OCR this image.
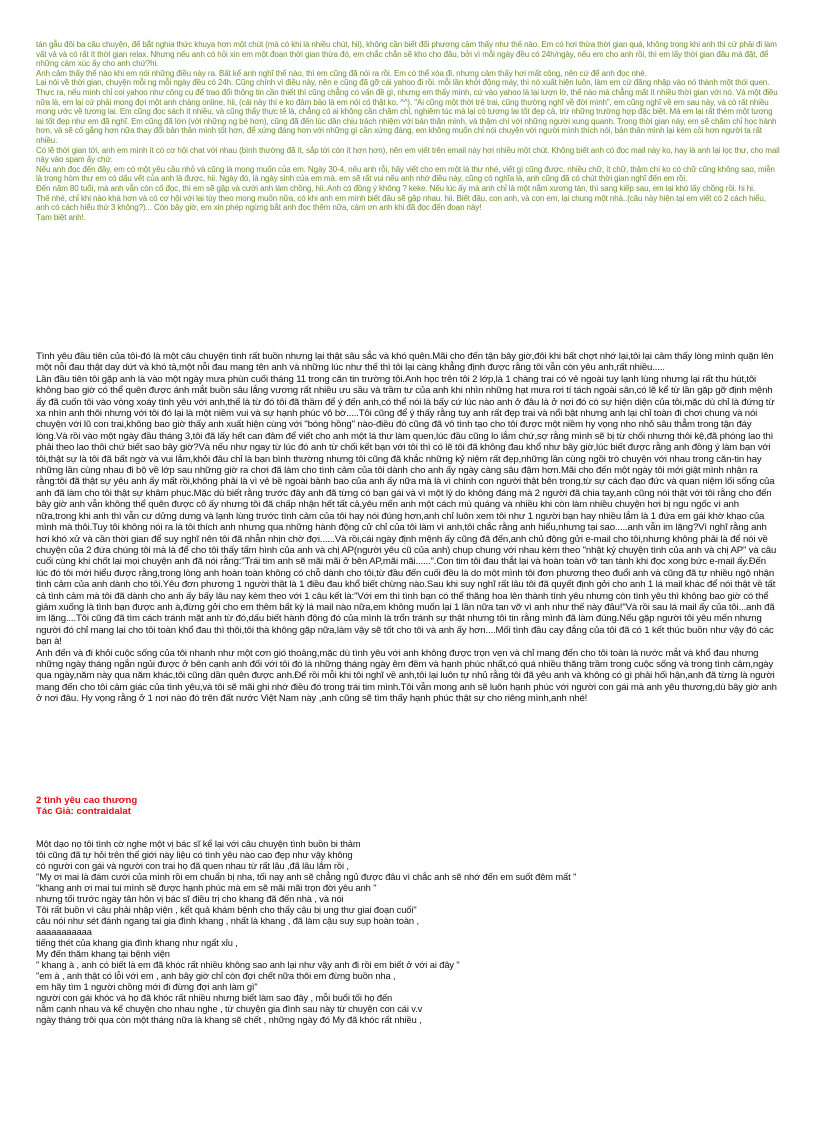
tán gẫu đôi ba câu chuyện, để bắt nghia thức khuya hơn một chút (mà có khi là nhiều chút, hii), không cần biết đối phương cảm thấy như thế nào. Em có hơi thừa thời gian quá, không trong khi anh thì cứ phải đi làm vất vả và có rất ít thời gian relax. Nhưng nếu anh có hỏi xin em một đoạn thời gian thừa đó, em chắc chắn sẽ kho cho đâu, bởi vì mỗi ngày đều có 24h/ngày, nếu em cho anh rồi, thì em lấy thời gian đâu mà đặt, để những cảm xúc ấy cho anh chứ?hi.

Anh cảm thấy thế nào khi em nói những điều này ra. Bất kể anh nghĩ thế nào, thì em cũng đã nói ra rồi. Em có thể xóa đi, nhưng cảm thấy hơi mất công, nên cứ để anh đọc nhé.

Lại nói về thời gian, chuyện mỗi ng mỗi ngày đều có 24h. Cũng chính vì điều này, nên e cũng đã gỡ cái yahoo đi rồi. mỗi lần khởi động máy, thì nó xuất hiện luôn, làm em cứ đăng nhập vào nó thành một thói quen. Thực ra, nếu mình chỉ coi yahoo như công cụ để trao đổi thông tin cần thiết thì cũng chẳng có vấn đề gì, nhưng em thấy mình, cứ vào yahoo là lại lượn lờ, thế nào mà chẳng mất ít nhiều thời gian với nó. Và một điều nữa là, em lại cứ phải mong đợi một anh chàng online, hii, (cái này thì e ko đảm bảo là em nói có thật ko, ^^). "Ai cũng một thời trẻ trai, cũng thường nghĩ về đời mình", em cũng nghĩ về em sau này, và có rất nhiều mong ước về tương lai. Em cũng đọc sách ít nhiều, và cũng thấy thực tế là, chẳng có ai không cần chăm chỉ, nghiêm túc mà lại có tương lai tốt đẹp cả, trừ những trường hợp đặc biệt. Mà em lại rất thèm một tương lai tốt đẹp như em đã nghĩ. Em cũng đã lớn (với những ng bé hơn), cũng đã đến lúc dần chịu trách nhiệm với bản thân mình, và thậm chí với những người xung quanh. Trong thời gian này, em sẽ chăm chỉ học hành hơn, và sẽ cố gắng hơn nữa thay đổi bản thân mình tốt hơn, để xứng đáng hơn với những gì cần xứng đáng, em không muốn chỉ nói chuyện với người mình thích nói, bản thân mình lại kém cỏi hơn người ta rất nhiều.

Có lẽ thời gian tới, anh em mình ít có cơ hội chat với nhau (bình thường đã ít, sắp tới còn ít hơn hơn), nên em viết trên email này hơi nhiều một chút. Không biết anh có đọc mail này ko, hay là anh lại lọc thư, cho mail này vào spam ấy chứ.

Nếu anh đọc đến đây, em có một yêu cầu nhỏ và cũng là mong muốn của em. Ngày 30-4, nếu anh rỗi, hãy viết cho em một lá thư nhé, viết gì cũng được, nhiều chữ, ít chữ, thậm chí ko có chữ cũng không sao, miễn là trong hòm thư em có dấu vết của anh là được, hii. Ngày đó, là ngày sinh của em mà. em sẽ rất vui nếu anh nhớ điều này, cũng có nghĩa là, anh cũng đã có chút thời gian nghĩ đến em rồi.

Đến năm 80 tuổi, mà anh vẫn còn cố đọc, thì em sẽ gặp và cưới anh làm chồng, hii. Anh có đồng ý không ? keke. Nếu lúc ấy mà anh chỉ là một nắm xương tàn, thì sang kiếp sau, em lại khó lấy chồng rồi. hi hi.

Thế nhé, chỉ khi nào khá hơn và có cơ hội với lại tùy theo mong muốn nữa, có khi anh em mình biết đâu sẽ gặp nhau. hii. Biết đâu, con anh, và con em, lại chung một nhà..(câu này hiện tại em viết có 2 cách hiểu, anh có cách hiểu thứ 3 không?)... Còn bây giờ, em xin phép ngừng bắt anh đọc thêm nữa, cảm ơn anh khi đã đọc đến đoạn này!

Tạm biệt anh!.

Tình yêu đầu tiên của tôi-đó là một câu chuyện tình rất buồn nhưng lại thật sâu sắc và khó quên.Mãi cho đến tận bây giờ,đôi khi bất chợt nhớ lại,tôi lại cảm thấy lòng mình quặn lên một nỗi đau thật day dứt và khó tả,một nỗi đau mang tên anh và những lúc như thế thì tôi lại càng khẳng định được rằng tôi vẫn còn yêu anh,rất nhiều.....

Lần đầu tiên tôi gặp anh là vào một ngày mưa phùn cuối tháng 11 trong căn tin trường tôi.Anh học trên tôi 2 lớp,là 1 chàng trai có vẻ ngoài tuy lạnh lùng nhưng lại rất thu hút,tôi không bao giờ có thể quên được ánh mắt buồn sâu lắng vương rất nhiều ưu sầu và trầm tư của anh khi nhìn những hạt mưa rơi tí tách ngoài sân,có lẽ kể từ lần gặp gỡ định mệnh ấy đã cuốn tôi vào vòng xoáy tình yêu với anh,thế là từ đó tôi đã thầm để ý đến anh,có thể nói là bấy cứ lúc nào anh ở đâu là ở nơi đó có sự hiện diện của tôi,mặc dù chỉ là đứng từ xa nhìn anh thôi nhưng với tôi đó lại là một niềm vui và sự hạnh phúc vô bờ.....Tôi cũng để ý thấy rằng tuy anh rất đẹp trai và nổi bật nhưng anh lại chỉ toàn đi chơi chung và nói chuyện với lũ con trai,không bao giờ thấy anh xuất hiện cùng với "bóng hồng" nào-điều đó cũng đã vô tình tạo cho tôi được một niềm hy vọng nho nhỏ sâu thẳm trong tận đáy lòng.Và rồi vào một ngày đầu tháng 3,tôi đã lấy hết can đảm để viết cho anh một lá thư làm quen,lúc đầu cũng lo lắm chứ,sợ rằng mình sẽ bị từ chối nhưng thôi kệ,đã phóng lao thì phải theo lao thôi chứ biết sao bây giờ?Và nếu như ngay từ lúc đó anh từ chối kết bạn với tôi thì có lẽ tôi đã không đau khổ như bây giờ,lúc biết được rằng anh đồng ý làm bạn với tôi,thật sự là tôi đã bất ngờ và vui lắm,khỏi đâu chỉ là bạn bình thường nhưng tôi cũng đã khắc những kỷ niệm rất đẹp,những lần cùng ngồi trò chuyện với nhau trong căn-tin hay những lần cùng nhau đi bộ về lớp sau những giờ ra chơi đã làm cho tình cảm của tôi dành cho anh ấy ngày càng sâu đậm hơn.Mãi cho đến một ngày tôi mới giật mình nhận ra rằng:tôi đã thật sự yêu anh ấy mất rồi,không phải là vì vẻ bề ngoài bảnh bao của anh ấy nữa mà là vì chính con người thật bên trong,từ sự cách đạo đức và quan niệm lối sống của anh đã làm cho tôi thật sự khâm phục.Mặc dù biết rằng trước đây anh đã từng có bạn gái và vì một lý do không đáng mà 2 người đã chia tay,anh cũng nói thật với tôi rằng cho đến bây giờ anh vẫn không thể quên được cô ấy nhưng tôi đã chấp nhận hết tất cả,yêu mến anh một cách mù quáng và nhiều khi còn làm nhiều chuyện hơi bị ngu ngốc vì anh nữa,trong khi anh thì vẫn cư dửng dưng và lạnh lùng trước tình cảm của tôi hay nói đúng hơn,anh chỉ luôn xem tôi như 1 người bạn hay nhiều lắm là 1 đứa em gái khờ khạo của mình mà thôi.Tuy tôi không nói ra là tôi thích anh nhưng qua những hành động cử chỉ của tôi làm vì anh,tôi chắc rằng anh hiểu,nhưng tại sao.....anh vẫn im lặng?Vì nghĩ rằng anh hơi khó xử và cần thời gian để suy nghĩ nên tôi đã nhẫn nhịn chờ đợi......Và rồi,cái ngày định mệnh ấy cũng đã đến,anh chủ động gửi e-mail cho tôi,nhưng không phải là để nói về chuyện của 2 đứa chúng tôi mà là để cho tôi thấy tấm hình của anh và chị AP(người yêu cũ của anh) chụp chung với nhau kèm theo "nhật ký chuyện tình của anh và chị AP" và câu cuối cùng khi chốt lại mọi chuyện anh đã nói rằng:"Trái tim anh sẽ mãi mãi ở bên AP,mãi mãi......".Con tim tôi đau thắt lại và hoàn toàn vỡ tan tành khi đọc xong bức e-mail ấy.Đến lúc đó tôi mới hiểu được rằng,trong lòng anh hoàn toàn không có chỗ dành cho tôi,từ đầu đến cuối đều là do một mình tôi đơn phương theo đuổi anh và cũng đã tự nhiều ngộ nhận tình cảm của anh dành cho tôi.Yêu đơn phương 1 người thật là 1 điều đau khổ biết chừng nào.Sau khi suy nghĩ rất lâu tôi đã quyết định gởi cho anh 1 lá mail khác để nói thật về tất cả tình cảm mà tôi đã dành cho anh ấy bấy lâu nay kèm theo với 1 câu kết là:"Với em thì tình bạn có thể thăng hoa lên thành tình yêu nhưng còn tình yêu thì không bao giờ có thể giảm xuống là tình bạn được anh à,đừng gởi cho em thêm bất kỳ lá mail nào nữa,em không muốn lại 1 lần nữa tan vỡ vì anh như thế này đâu!"Và rồi sau lá mail ấy của tôi...anh đã im lặng....Tôi cũng đã tìm cách tránh mặt anh từ đó,dấu biết hành động đó của mình là trốn tránh sự thật nhưng tôi tin rằng mình đã làm đúng.Nếu gặp người tôi yêu mến nhưng người đó chỉ mang lại cho tôi toàn khổ đau thì thôi,tôi thà không gặp nữa,làm vậy sẽ tốt cho tôi và anh ấy hơn....Mối tình đầu cay đắng của tôi đã có 1 kết thúc buồn như vậy đó các bạn à!

Anh đến và đi khỏi cuộc sống của tôi nhanh như một cơn gió thoảng,mặc dù tình yêu với anh không được trọn vẹn và chỉ mang đến cho tôi toàn là nước mắt và khổ đau nhưng những ngày tháng ngắn ngủi được ở bên cạnh anh đối với tôi đó là những tháng ngày êm đềm và hạnh phúc nhất,có quá nhiều thăng trầm trong cuộc sống và trong tình cảm,ngày qua ngày,năm này qua năm khác,tôi cũng dần quên được anh.Để rồi mỗi khi tôi nghĩ về anh,tôi lại luôn tự nhủ rằng tôi đã yêu anh và không có gì phải hối hận,anh đã từng là người mang đến cho tôi cảm giác của tình yêu,và tôi sẽ mãi ghi nhớ điều đó trong trái tim mình.Tôi vẫn mong anh sẽ luôn hạnh phúc với người con gái mà anh yêu thương,dù bây giờ anh ở nơi đâu. Hy vọng rằng ở 1 nơi nào đó trên đất nước Việt Nam này ,anh cũng sẽ tìm thấy hạnh phúc thật sự cho riêng mình,anh nhé!

2 tình yêu cao thương
Tác Giả: contraidalat
Một dạo nọ tôi tình cờ nghe một vị bác sĩ kể lại với câu chuyện tình buồn bi thảm
tôi cũng đã tự hỏi trên thế giới này liệu có tình yêu nào cao đẹp như vậy không
có người con gái và người con trai họ đã quen nhau từ rất lâu ,đã lâu lắm rồi ,
"My ơi mai là đám cưới của mình rồi em chuẩn bị nha, tối nay anh sẽ chẳng ngủ được đâu vì chắc anh sẽ nhớ đến em suốt đêm mất "
"khang anh ơi mai tui mình sẽ được hạnh phúc mà em sẽ mãi mãi trọn đời yêu anh "
nhưng tối trước ngày tân hôn vị bác sĩ điều trị cho khang đã đến nhà , và nói
Tôi rất buồn vì câu phải nhập viện , kết quả khám bệnh cho thấy cậu bị ung thư giai đoạn cuối"
câu nói như sét đánh ngang tai gia đình khang , nhất là khang , đã làm cậu suy sụp hoàn toàn ,
aaaaaaaaaaa
tiếng thét của khang gia đình khang như ngất xỉu ,
My đến thăm khang tại bệnh viện
" khang à , anh có biết là em đã khóc rất nhiều không sao anh lại như vậy anh đi rồi em biết ở với ai đây "
"em à , anh thật có lỗi với em , anh bây giờ chỉ còn đợi chết nữa thôi em đừng buồn nha ,
em hãy tìm 1 người chồng mới đi đừng đợi anh làm gì"
người con gái khóc và họ đã khóc rất nhiều nhưng biết làm sao đây , mỗi buổi tối họ đến
nằm cạnh nhau và kể chuyện cho nhau nghe , từ chuyện gia đình sau này từ chuyện con cái v.v
ngày tháng trôi qua còn một tháng nữa là khang sẽ chết , những ngày đó My đã khóc rất nhiều ,
